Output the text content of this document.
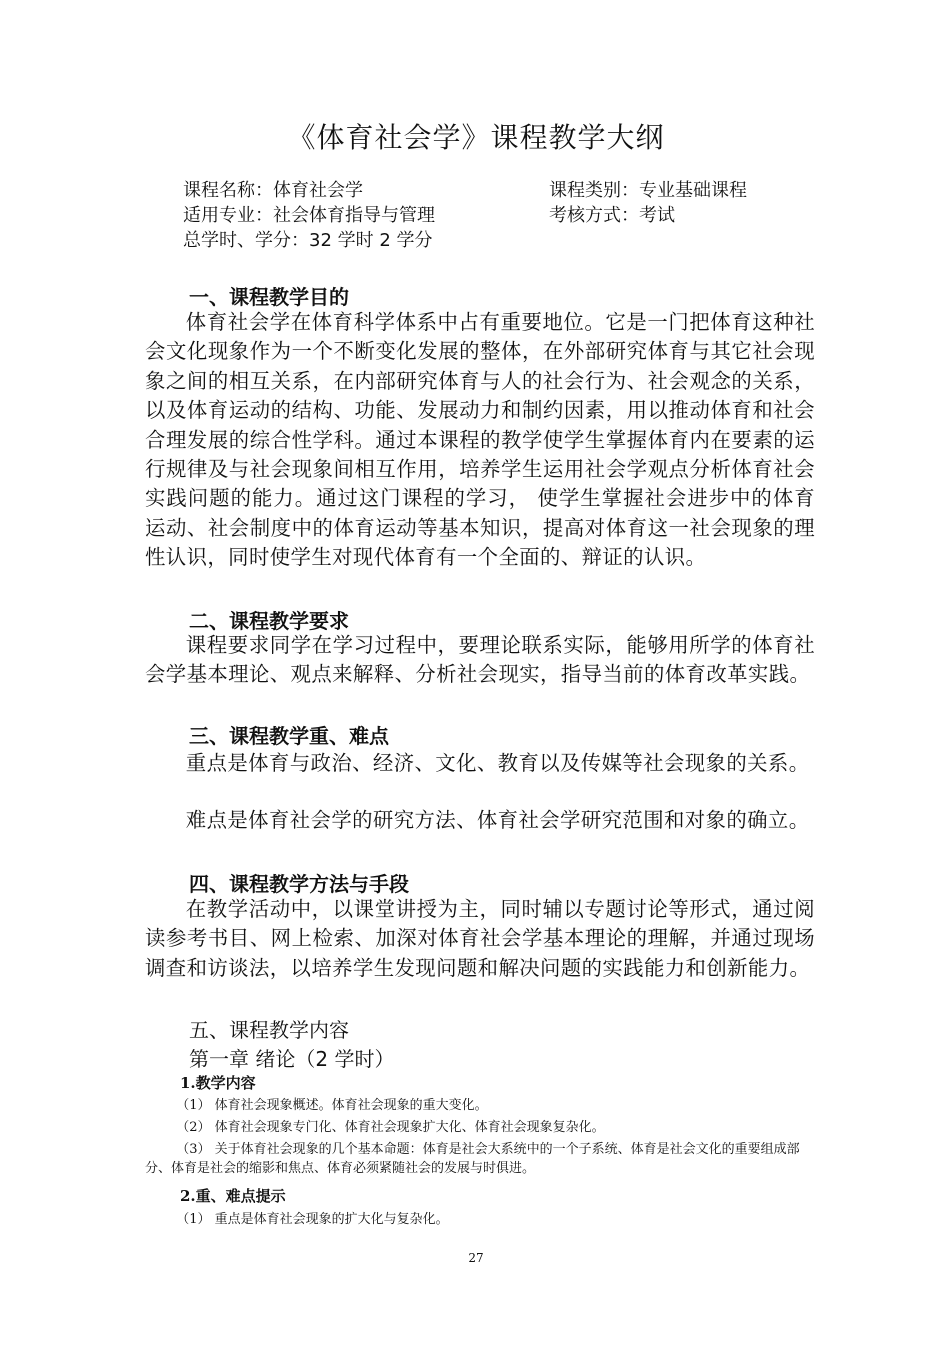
《体育社会学》课程教学大纲
课程名称：体育社会学	课程类别：专业基础课程
适用专业：社会体育指导与管理	考核方式：考试
总学时、学分：32 学时 2 学分
一、课程教学目的
体育社会学在体育科学体系中占有重要地位。它是一门把体育这种社会文化现象作为一个不断变化发展的整体，在外部研究体育与其它社会现象之间的相互关系，在内部研究体育与人的社会行为、社会观念的关系，以及体育运动的结构、功能、发展动力和制约因素，用以推动体育和社会合理发展的综合性学科。通过本课程的教学使学生掌握体育内在要素的运行规律及与社会现象间相互作用，培养学生运用社会学观点分析体育社会实践问题的能力。通过这门课程的学习， 使学生掌握社会进步中的体育运动、社会制度中的体育运动等基本知识，提高对体育这一社会现象的理性认识，同时使学生对现代体育有一个全面的、辩证的认识。
二、课程教学要求
课程要求同学在学习过程中，要理论联系实际，能够用所学的体育社会学基本理论、观点来解释、分析社会现实，指导当前的体育改革实践。
三、课程教学重、难点
重点是体育与政治、经济、文化、教育以及传媒等社会现象的关系。
难点是体育社会学的研究方法、体育社会学研究范围和对象的确立。
四、课程教学方法与手段
在教学活动中，以课堂讲授为主，同时辅以专题讨论等形式，通过阅读参考书目、网上检索、加深对体育社会学基本理论的理解，并通过现场调查和访谈法，以培养学生发现问题和解决问题的实践能力和创新能力。
五、课程教学内容
第一章 绪论（2 学时）
1.教学内容
（1） 体育社会现象概述。体育社会现象的重大变化。
（2） 体育社会现象专门化、体育社会现象扩大化、体育社会现象复杂化。
（3） 关于体育社会现象的几个基本命题：体育是社会大系统中的一个子系统、体育是社会文化的重要组成部分、体育是社会的缩影和焦点、体育必须紧随社会的发展与时俱进。
2.重、难点提示
（1） 重点是体育社会现象的扩大化与复杂化。
27
